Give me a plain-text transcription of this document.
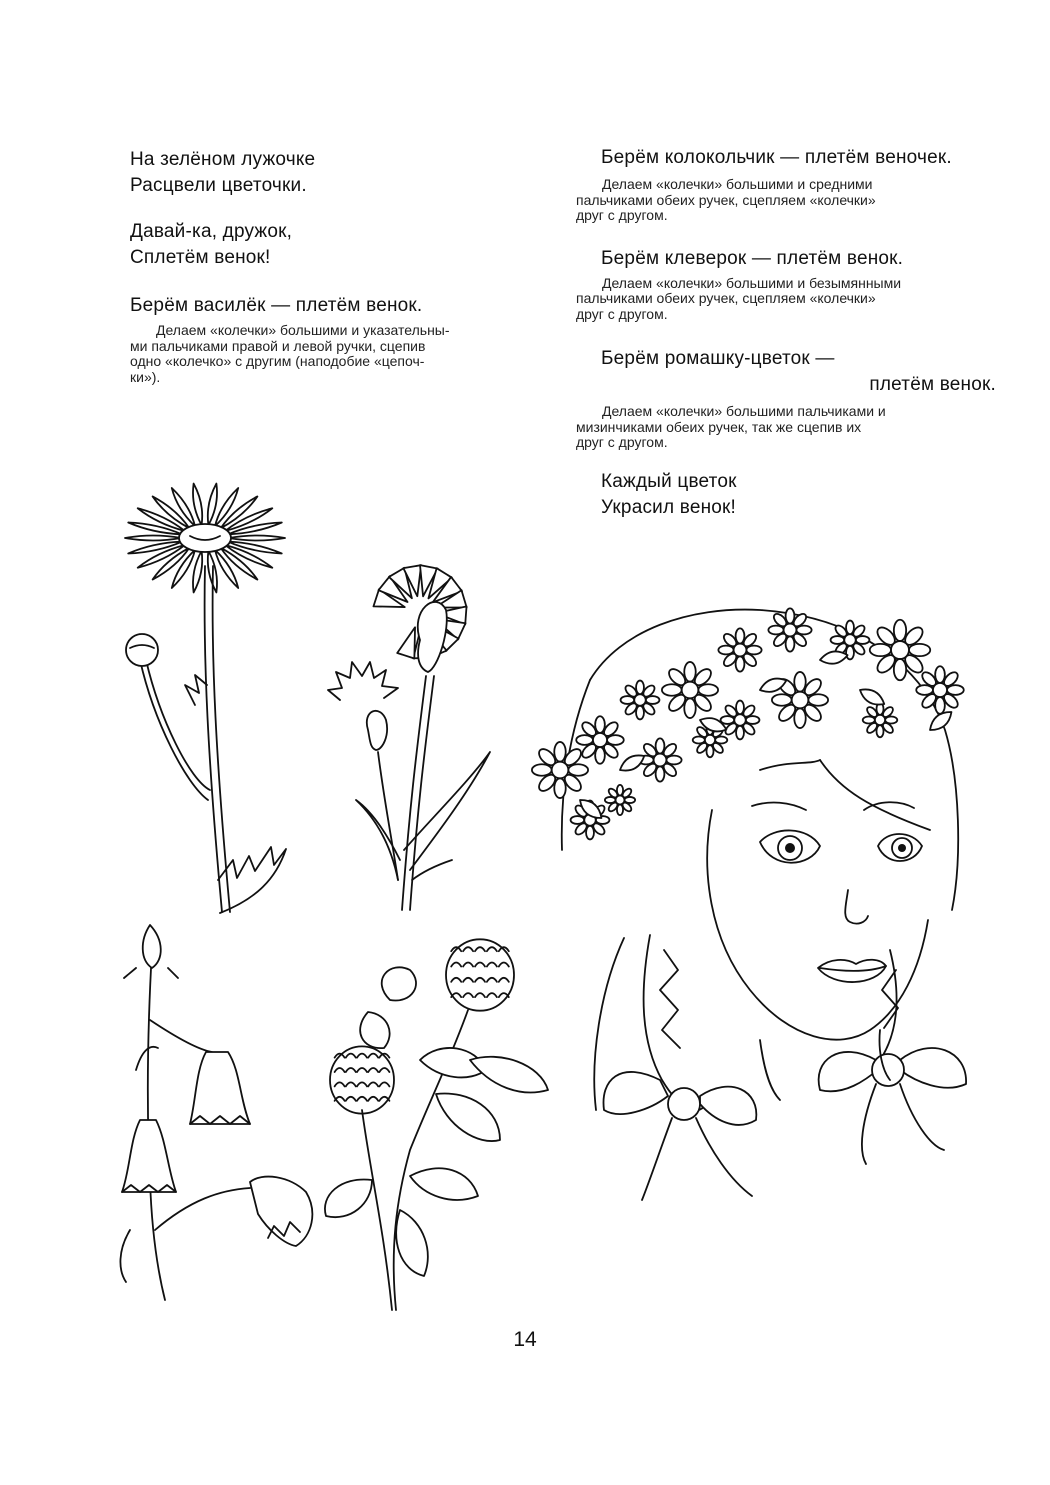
На зелёном лужочке
Расцвели цветочки.
Давай-ка, дружок,
Сплетём венок!
Берём василёк — плетём венок.
Делаем «колечки» большими и указательны-
ми пальчиками правой и левой ручки, сцепив
одно «колечко» с другим (наподобие «цепоч-
ки»).
Берём колокольчик — плетём веночек.
Делаем «колечки» большими и средними
пальчиками обеих ручек, сцепляем «колечки»
друг с другом.
Берём клеверок — плетём венок.
Делаем «колечки» большими и безымянными
пальчиками обеих ручек, сцепляем «колечки»
друг с другом.
Берём ромашку-цветок —
плетём венок.
Делаем «колечки» большими пальчиками и
мизинчиками обеих ручек, так же сцепив их
друг с другом.
Каждый цветок
Украсил венок!
14
